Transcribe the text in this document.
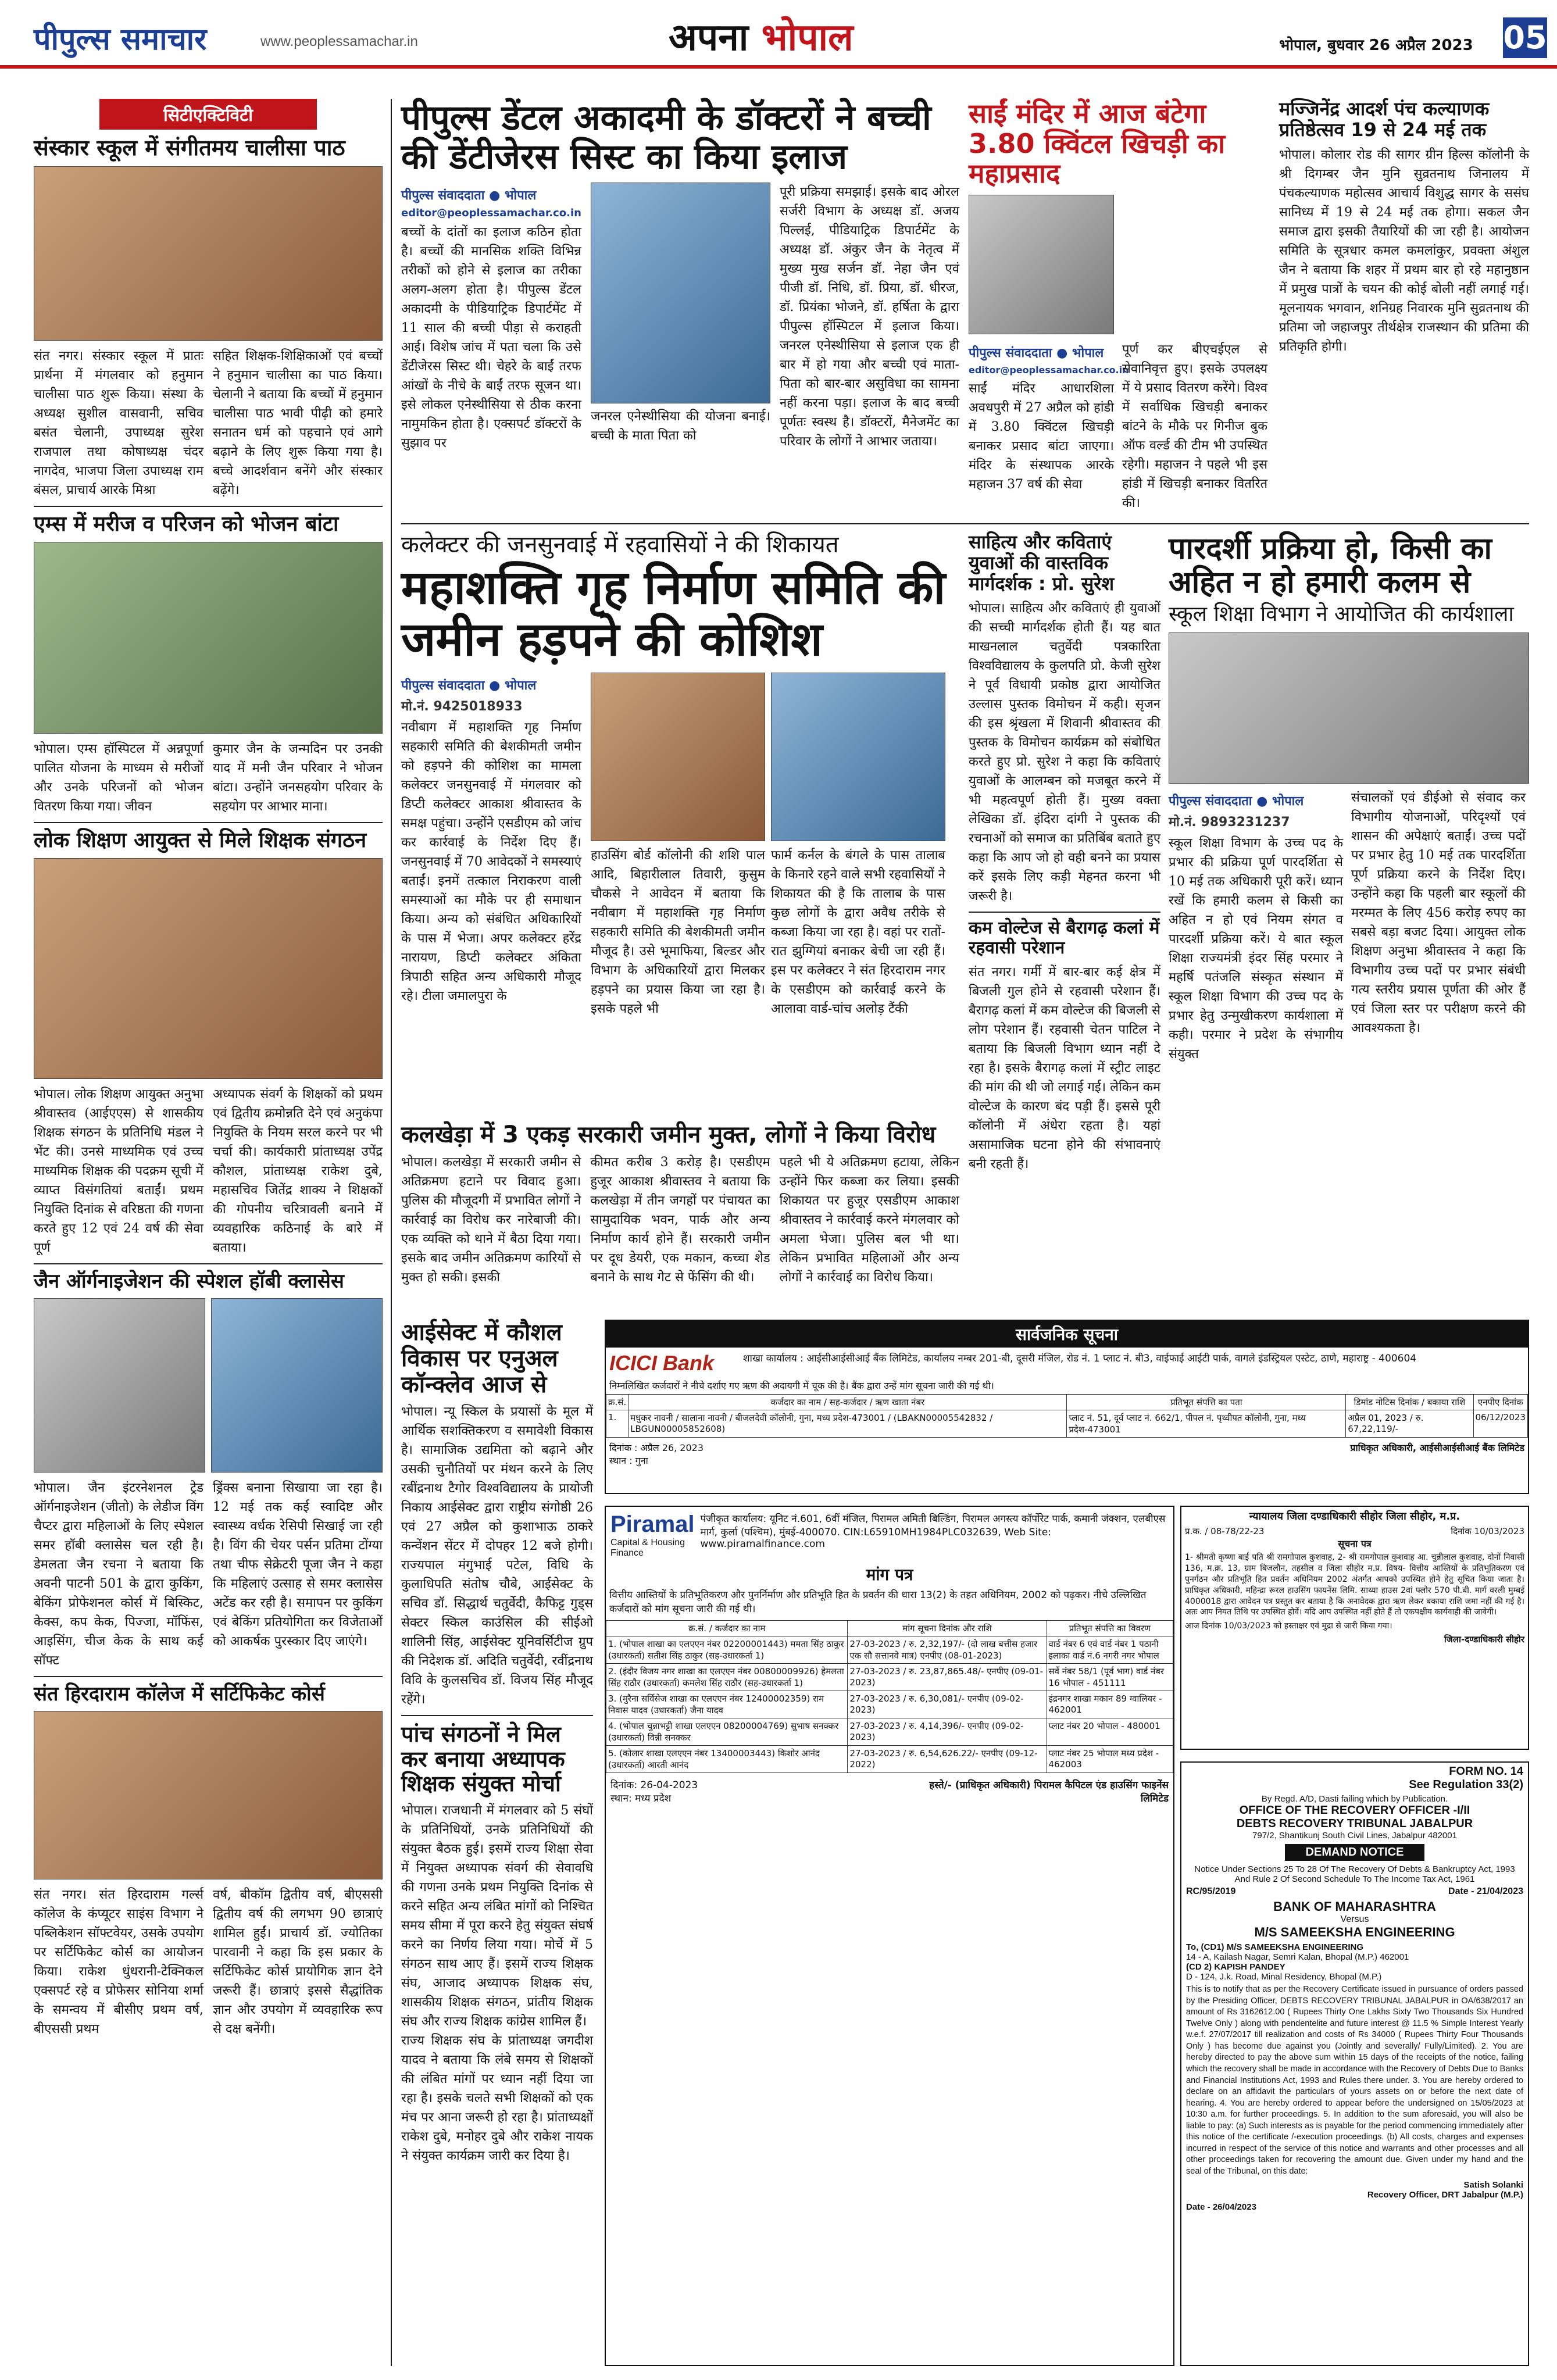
पीपुल्स समाचार	www.peoplessamachar.in	अपना भोपाल	भोपाल, बुधवार 26 अप्रैल 2023 05
सिटीएक्टिविटी
संस्कार स्कूल में संगीतमय चालीसा पाठ

संत नगर। संस्कार स्कूल में प्रातः प्रार्थना में मंगलवार को हनुमान चालीसा पाठ शुरू किया। संस्था के अध्यक्ष सुशील वासवानी, सचिव बसंत चेलानी, उपाध्यक्ष सुरेश राजपाल तथा कोषाध्यक्ष चंदर नागदेव, भाजपा जिला उपाध्यक्ष राम बंसल, प्राचार्य आरके मिश्रा

सहित शिक्षक-शिक्षिकाओं एवं बच्चों ने हनुमान चालीसा का पाठ किया। चेलानी ने बताया कि बच्चों में हनुमान चालीसा पाठ भावी पीढ़ी को हमारे सनातन धर्म को पहचाने एवं आगे बढ़ाने के लिए शुरू किया गया है। बच्चे आदर्शवान बनेंगे और संस्कार बढ़ेंगे।

एम्स में मरीज व परिजन को भोजन बांटा

भोपाल। एम्स हॉस्पिटल में अन्नपूर्णा पालित योजना के माध्यम से मरीजों और उनके परिजनों को भोजन वितरण किया गया। जीवन

कुमार जैन के जन्मदिन पर उनकी याद में मनी जैन परिवार ने भोजन बांटा। उन्होंने जनसहयोग परिवार के सहयोग पर आभार माना।

लोक शिक्षण आयुक्त से मिले शिक्षक संगठन

भोपाल। लोक शिक्षण आयुक्त अनुभा श्रीवास्तव (आईएएस) से शासकीय शिक्षक संगठन के प्रतिनिधि मंडल ने भेंट की। उनसे माध्यमिक एवं उच्च माध्यमिक शिक्षक की पदक्रम सूची में व्याप्त विसंगतियां बताईं। प्रथम नियुक्ति दिनांक से वरिष्ठता की गणना करते हुए 12 एवं 24 वर्ष की सेवा पूर्ण

अध्यापक संवर्ग के शिक्षकों को प्रथम एवं द्वितीय क्रमोन्नति देने एवं अनुकंपा नियुक्ति के नियम सरल करने पर भी चर्चा की। कार्यकारी प्रांताध्यक्ष उपेंद्र कौशल, प्रांताध्यक्ष राकेश दुबे, महासचिव जितेंद्र शाक्य ने शिक्षकों की गोपनीय चरित्रावली बनाने में व्यवहारिक कठिनाई के बारे में बताया।

जैन ऑर्गनाइजेशन की स्पेशल हॉबी क्लासेस

भोपाल। जैन इंटरनेशनल ट्रेड ऑर्गनाइजेशन (जीतो) के लेडीज विंग चैप्टर द्वारा महिलाओं के लिए स्पेशल समर हॉबी क्लासेस चल रही है। डेमलता जैन रचना ने बताया कि अवनी पाटनी 501 के द्वारा कुकिंग, बेकिंग प्रोफेशनल कोर्स में बिस्किट, केक्स, कप केक, पिज्जा, मॉफिंस, आइसिंग, चीज केक के साथ कई सॉफ्ट

ड्रिंक्स बनाना सिखाया जा रहा है। 12 मई तक कई स्वादिष्ट और स्वास्थ्य वर्धक रेसिपी सिखाई जा रही है। विंग की चेयर पर्सन प्रतिमा टोंग्या तथा चीफ सेक्रेटरी पूजा जैन ने कहा कि महिलाएं उत्साह से समर क्लासेस अटेंड कर रही है। समापन पर कुकिंग एवं बेकिंग प्रतियोगिता कर विजेताओं को आकर्षक पुरस्कार दिए जाएंगे।

संत हिरदाराम कॉलेज में सर्टिफिकेट कोर्स

संत नगर। संत हिरदाराम गर्ल्स कॉलेज के कंप्यूटर साइंस विभाग ने पब्लिकेशन सॉफ्टवेयर, उसके उपयोग पर सर्टिफिकेट कोर्स का आयोजन किया। राकेश धुंधरानी-टेक्निकल एक्सपर्ट रहे व प्रोफेसर सोनिया शर्मा के समन्वय में बीसीए प्रथम वर्ष, बीएससी प्रथम

वर्ष, बीकॉम द्वितीय वर्ष, बीएससी द्वितीय वर्ष की लगभग 90 छात्राएं शामिल हुईं। प्राचार्य डॉ. ज्योतिका पारवानी ने कहा कि इस प्रकार के सर्टिफिकेट कोर्स प्रायोगिक ज्ञान देने जरूरी हैं। छात्राएं इससे सैद्धांतिक ज्ञान और उपयोग में व्यवहारिक रूप से दक्ष बनेंगी।

पीपुल्स डेंटल अकादमी के डॉक्टरों ने बच्ची की डेंटीजेरस सिस्ट का किया इलाज
पीपुल्स संवाददाता ● भोपाल
editor@peoplessamachar.co.in

बच्चों के दांतों का इलाज कठिन होता है। बच्चों की मानसिक शक्ति विभिन्न तरीकों को होने से इलाज का तरीका अलग-अलग होता है। पीपुल्स डेंटल अकादमी के पीडियाट्रिक डिपार्टमेंट में 11 साल की बच्ची पीड़ा से कराहती आई। विशेष जांच में पता चला कि उसे डेंटीजेरस सिस्ट थी। चेहरे के बाईं तरफ आंखों के नीचे के बाईं तरफ सूजन था। इसे लोकल एनेस्थीसिया से ठीक करना नामुमकिन होता है। एक्सपर्ट डॉक्टरों के सुझाव पर

जनरल एनेस्थीसिया की योजना बनाई। बच्ची के माता पिता को

पूरी प्रक्रिया समझाई। इसके बाद ओरल सर्जरी विभाग के अध्यक्ष डॉ. अजय पिल्लई, पीडियाट्रिक डिपार्टमेंट के अध्यक्ष डॉ. अंकुर जैन के नेतृत्व में मुख्य मुख सर्जन डॉ. नेहा जैन एवं पीजी डॉ. निधि, डॉ. प्रिया, डॉ. धीरज, डॉ. प्रियंका भोजने, डॉ. हर्षिता के द्वारा पीपुल्स हॉस्पिटल में इलाज किया। जनरल एनेस्थीसिया से इलाज एक ही बार में हो गया और बच्ची एवं माता-पिता को बार-बार असुविधा का सामना नहीं करना पड़ा। इलाज के बाद बच्ची पूर्णतः स्वस्थ है। डॉक्टरों, मैनेजमेंट का परिवार के लोगों ने आभार जताया।

साईं मंदिर में आज बंटेगा 3.80 क्विंटल खिचड़ी का महाप्रसाद
पीपुल्स संवाददाता ● भोपाल
editor@peoplessamachar.co.in

साईं मंदिर आधारशिला अवधपुरी में 27 अप्रैल को हांडी में 3.80 क्विंटल खिचड़ी बनाकर प्रसाद बांटा जाएगा। मंदिर के संस्थापक आरके महाजन 37 वर्ष की सेवा

पूर्ण कर बीएचईएल से सेवानिवृत्त हुए। इसके उपलक्ष्य में ये प्रसाद वितरण करेंगे। विश्व में सर्वाधिक खिचड़ी बनाकर बांटने के मौके पर गिनीज बुक ऑफ वर्ल्ड की टीम भी उपस्थित रहेगी। महाजन ने पहले भी इस हांडी में खिचड़ी बनाकर वितरित की।

मज्जिनेंद्र आदर्श पंच कल्याणक प्रतिष्ठेत्सव 19 से 24 मई तक

भोपाल। कोलार रोड की सागर ग्रीन हिल्स कॉलोनी के श्री दिगम्बर जैन मुनि सुव्रतनाथ जिनालय में पंचकल्याणक महोत्सव आचार्य विशुद्ध सागर के ससंघ सानिध्य में 19 से 24 मई तक होगा। सकल जैन समाज द्वारा इसकी तैयारियों की जा रही है। आयोजन समिति के सूत्रधार कमल कमलांकुर, प्रवक्ता अंशुल जैन ने बताया कि शहर में प्रथम बार हो रहे महानुष्ठान में प्रमुख पात्रों के चयन की कोई बोली नहीं लगाई गई। मूलनायक भगवान, शनिग्रह निवारक मुनि सुव्रतनाथ की प्रतिमा जो जहाजपुर तीर्थक्षेत्र राजस्थान की प्रतिमा की प्रतिकृति होगी।

कलेक्टर की जनसुनवाई में रहवासियों ने की शिकायत
महाशक्ति गृह निर्माण समिति की जमीन हड़पने की कोशिश
पीपुल्स संवाददाता ● भोपाल
मो.नं. 9425018933

नवीबाग में महाशक्ति गृह निर्माण सहकारी समिति की बेशकीमती जमीन को हड़पने की कोशिश का मामला कलेक्टर जनसुनवाई में मंगलवार को डिप्टी कलेक्टर आकाश श्रीवास्तव के समक्ष पहुंचा। उन्होंने एसडीएम को जांच कर कार्रवाई के निर्देश दिए हैं। जनसुनवाई में 70 आवेदकों ने समस्याएं बताईं। इनमें तत्काल निराकरण वाली समस्याओं का मौके पर ही समाधान किया। अन्य को संबंधित अधिकारियों के पास में भेजा। अपर कलेक्टर हरेंद्र नारायण, डिप्टी कलेक्टर अंकिता त्रिपाठी सहित अन्य अधिकारी मौजूद रहे। टीला जमालपुरा के

हाउसिंग बोर्ड कॉलोनी की शशि पाल आदि, बिहारीलाल तिवारी, कुसुम चौकसे ने आवेदन में बताया कि नवीबाग में महाशक्ति गृह निर्माण सहकारी समिति की बेशकीमती जमीन मौजूद है। उसे भूमाफिया, बिल्डर और विभाग के अधिकारियों द्वारा मिलकर हड़पने का प्रयास किया जा रहा है। इसके पहले भी

फार्म कर्नल के बंगले के पास तालाब के किनारे रहने वाले सभी रहवासियों ने शिकायत की है कि तालाब के पास कुछ लोगों के द्वारा अवैध तरीके से कब्जा किया जा रहा है। वहां पर रातों-रात झुग्गियां बनाकर बेची जा रही हैं। इस पर कलेक्टर ने संत हिरदाराम नगर के एसडीएम को कार्रवाई करने के आलावा वार्ड-चांच अलोड़ टैंकी

साहित्य और कविताएं युवाओं की वास्तविक मार्गदर्शक : प्रो. सुरेश

भोपाल। साहित्य और कविताएं ही युवाओं की सच्ची मार्गदर्शक होती हैं। यह बात माखनलाल चतुर्वेदी पत्रकारिता विश्वविद्यालय के कुलपति प्रो. केजी सुरेश ने पूर्व विधायी प्रकोष्ठ द्वारा आयोजित उल्लास पुस्तक विमोचन में कही। सृजन की इस श्रृंखला में शिवानी श्रीवास्तव की पुस्तक के विमोचन कार्यक्रम को संबोधित करते हुए प्रो. सुरेश ने कहा कि कविताएं युवाओं के आलम्बन को मजबूत करने में भी महत्वपूर्ण होती हैं। मुख्य वक्ता लेखिका डॉ. इंदिरा दांगी ने पुस्तक की रचनाओं को समाज का प्रतिबिंब बताते हुए कहा कि आप जो हो वही बनने का प्रयास करें इसके लिए कड़ी मेहनत करना भी जरूरी है।

कम वोल्टेज से बैरागढ़ कलां में रहवासी परेशान

संत नगर। गर्मी में बार-बार कई क्षेत्र में बिजली गुल होने से रहवासी परेशान हैं। बैरागढ़ कलां में कम वोल्टेज की बिजली से लोग परेशान हैं। रहवासी चेतन पाटिल ने बताया कि बिजली विभाग ध्यान नहीं दे रहा है। इसके बैरागढ़ कलां में स्ट्रीट लाइट की मांग की थी जो लगाई गई। लेकिन कम वोल्टेज के कारण बंद पड़ी हैं। इससे पूरी कॉलोनी में अंधेरा रहता है। यहां असामाजिक घटना होने की संभावनाएं बनी रहती हैं।

पारदर्शी प्रक्रिया हो, किसी का अहित न हो हमारी कलम से
स्कूल शिक्षा विभाग ने आयोजित की कार्यशाला
पीपुल्स संवाददाता ● भोपाल
मो.नं. 9893231237

स्कूल शिक्षा विभाग के उच्च पद के प्रभार की प्रक्रिया पूर्ण पारदर्शिता से 10 मई तक अधिकारी पूरी करें। ध्यान रखें कि हमारी कलम से किसी का अहित न हो एवं नियम संगत व पारदर्शी प्रक्रिया करें। ये बात स्कूल शिक्षा राज्यमंत्री इंदर सिंह परमार ने महर्षि पतंजलि संस्कृत संस्थान में स्कूल शिक्षा विभाग की उच्च पद के प्रभार हेतु उन्मुखीकरण कार्यशाला में कही। परमार ने प्रदेश के संभागीय संयुक्त

संचालकों एवं डीईओ से संवाद कर विभागीय योजनाओं, परिदृश्यों एवं शासन की अपेक्षाएं बताईं। उच्च पदों पर प्रभार हेतु 10 मई तक पारदर्शिता पूर्ण प्रक्रिया करने के निर्देश दिए। उन्होंने कहा कि पहली बार स्कूलों की मरम्मत के लिए 456 करोड़ रुपए का सबसे बड़ा बजट दिया। आयुक्त लोक शिक्षण अनुभा श्रीवास्तव ने कहा कि विभागीय उच्च पदों पर प्रभार संबंधी गत्य स्तरीय प्रयास पूर्णता की ओर हैं एवं जिला स्तर पर परीक्षण करने की आवश्यकता है।

कलखेड़ा में 3 एकड़ सरकारी जमीन मुक्त, लोगों ने किया विरोध

भोपाल। कलखेड़ा में सरकारी जमीन से अतिक्रमण हटाने पर विवाद हुआ। पुलिस की मौजूदगी में प्रभावित लोगों ने कार्रवाई का विरोध कर नारेबाजी की। एक व्यक्ति को थाने में बैठा दिया गया। इसके बाद जमीन अतिक्रमण कारियों से मुक्त हो सकी। इसकी

कीमत करीब 3 करोड़ है। एसडीएम हुजूर आकाश श्रीवास्तव ने बताया कि कलखेड़ा में तीन जगहों पर पंचायत का सामुदायिक भवन, पार्क और अन्य निर्माण कार्य होने हैं। सरकारी जमीन पर दूध डेयरी, एक मकान, कच्चा शेड बनाने के साथ गेट से फेंसिंग की थी।

पहले भी ये अतिक्रमण हटाया, लेकिन उन्होंने फिर कब्जा कर लिया। इसकी शिकायत पर हुजूर एसडीएम आकाश श्रीवास्तव ने कार्रवाई करने मंगलवार को अमला भेजा। पुलिस बल भी था। लेकिन प्रभावित महिलाओं और अन्य लोगों ने कार्रवाई का विरोध किया।

सार्वजनिक सूचना
ICICI Bank	शाखा कार्यालय : आईसीआईसीआई बैंक लिमिटेड, कार्यालय नम्बर 201-बी, दूसरी मंजिल, रोड नं. 1 प्लाट नं. बी3, वाईफाई आईटी पार्क, वागले इंडस्ट्रियल एस्टेट, ठाणे, महाराष्ट्र - 400604

निम्नलिखित कर्जदारों ने नीचे दर्शाए गए ऋण की अदायगी में चूक की है। बैंक द्वारा उन्हें मांग सूचना जारी की गई थी।

क्र.सं.	कर्जदार का नाम / सह-कर्जदार / ऋण खाता नंबर	प्रतिभूत संपत्ति का पता	डिमांड नोटिस दिनांक / बकाया राशि	एनपीए दिनांक
1.	मधुकर नावनी / सालाना नावनी / बीजलदेवी कॉलोनी, गुना, मध्य प्रदेश-473001 / (LBAKN00005542832 / LBGUN00005852608)	प्लाट नं. 51, दूर्व प्लाट नं. 662/1, पीपल नं. पृथ्वीपत कॉलोनी, गुना, मध्य प्रदेश-473001	अप्रैल 01, 2023 / रु. 67,22,119/-	06/12/2023
दिनांक : अप्रैल 26, 2023
स्थान : गुना
प्राधिकृत अधिकारी, आईसीआईसीआई बैंक लिमिटेड
आईसेक्ट में कौशल विकास पर एनुअल कॉन्क्लेव आज से

भोपाल। न्यू स्किल के प्रयासों के मूल में आर्थिक सशक्तिकरण व समावेशी विकास है। सामाजिक उद्यमिता को बढ़ाने और उसकी चुनौतियों पर मंथन करने के लिए रबींद्रनाथ टैगोर विश्वविद्यालय के प्रायोजी निकाय आईसेक्ट द्वारा राष्ट्रीय संगोष्ठी 26 एवं 27 अप्रैल को कुशाभाऊ ठाकरे कन्वेंशन सेंटर में दोपहर 12 बजे होगी। राज्यपाल मंगुभाई पटेल, विधि के कुलाधिपति संतोष चौबे, आईसेक्ट के सचिव डॉ. सिद्धार्थ चतुर्वेदी, कैफिट्ट गुड्स सेक्टर स्किल काउंसिल की सीईओ शालिनी सिंह, आईसेक्ट यूनिवर्सिटीज ग्रुप की निदेशक डॉ. अदिति चतुर्वेदी, रवींद्रनाथ विवि के कुलसचिव डॉ. विजय सिंह मौजूद रहेंगे।

पांच संगठनों ने मिल कर बनाया अध्यापक शिक्षक संयुक्त मोर्चा

भोपाल। राजधानी में मंगलवार को 5 संघों के प्रतिनिधियों, उनके प्रतिनिधियों की संयुक्त बैठक हुई। इसमें राज्य शिक्षा सेवा में नियुक्त अध्यापक संवर्ग की सेवावधि की गणना उनके प्रथम नियुक्ति दिनांक से करने सहित अन्य लंबित मांगों को निश्चित समय सीमा में पूरा करने हेतु संयुक्त संघर्ष करने का निर्णय लिया गया। मोर्चे में 5 संगठन साथ आए हैं। इसमें राज्य शिक्षक संघ, आजाद अध्यापक शिक्षक संघ, शासकीय शिक्षक संगठन, प्रांतीय शिक्षक संघ और राज्य शिक्षक कांग्रेस शामिल हैं।

राज्य शिक्षक संघ के प्रांताध्यक्ष जगदीश यादव ने बताया कि लंबे समय से शिक्षकों की लंबित मांगों पर ध्यान नहीं दिया जा रहा है। इसके चलते सभी शिक्षकों को एक मंच पर आना जरूरी हो रहा है। प्रांताध्यक्षों राकेश दुबे, मनोहर दुबे और राकेश नायक ने संयुक्त कार्यक्रम जारी कर दिया है।

Piramal
Capital & Housing Finance
पंजीकृत कार्यालय: यूनिट नं.601, 6वीं मंजिल, पिरामल अमिती बिल्डिंग, पिरामल अगस्त्य कॉर्पोरेट पार्क, कमानी जंक्शन, एलबीएस मार्ग, कुर्ला (पश्चिम), मुंबई-400070. CIN:L65910MH1984PLC032639, Web Site: www.piramalfinance.com
मांग पत्र

वित्तीय आस्तियों के प्रतिभूतिकरण और पुनर्निर्माण और प्रतिभूति हित के प्रवर्तन की धारा 13(2) के तहत अधिनियम, 2002 को पढ़कर। नीचे उल्लिखित कर्जदारों को मांग सूचना जारी की गई थी।

क्र.सं. / कर्जदार का नाम	मांग सूचना दिनांक और राशि	प्रतिभूत संपत्ति का विवरण
1. (भोपाल शाखा का एलएएन नंबर 02200001443) ममता सिंह ठाकुर (उधारकर्ता) सतीश सिंह ठाकुर (सह-उधारकर्ता 1)	27-03-2023 / रु. 2,32,197/- (दो लाख बत्तीस हजार एक सौ सत्तानवे मात्र) एनपीए (08-01-2023)	वार्ड नंबर 6 एवं वार्ड नंबर 1 पठानी इलाका वार्ड नं.6 नगरी नगर भोपाल
2. (इंदौर विजय नगर शाखा का एलएएन नंबर 00800009926) हेमलता सिंह राठौर (उधारकर्ता) कमलेश सिंह राठौर (सह-उधारकर्ता 1)	27-03-2023 / रु. 23,87,865.48/- एनपीए (09-01-2023)	सर्वे नंबर 58/1 (पूर्व भाग) वार्ड नंबर 16 भोपाल - 451111
3. (मुरैना सर्विसेज शाखा का एलएएन नंबर 12400002359) राम निवास यादव (उधारकर्ता) जैना यादव	27-03-2023 / रु. 6,30,081/- एनपीए (09-02-2023)	इंद्रनगर शाखा मकान 89 ग्वालियर - 462001
4. (भोपाल चुन्नाभट्टी शाखा एलएएन 08200004769) सुभाष सनक्कर (उधारकर्ता) विन्नी सनक्कर	27-03-2023 / रु. 4,14,396/- एनपीए (09-02-2023)	प्लाट नंबर 20 भोपाल - 480001
5. (कोलार शाखा एलएएन नंबर 13400003443) किशोर आनंद (उधारकर्ता) आरती आनंद	27-03-2023 / रु. 6,54,626.22/- एनपीए (09-12-2022)	प्लाट नंबर 25 भोपाल मध्य प्रदेश - 462003
दिनांक: 26-04-2023
स्थान: मध्य प्रदेश
हस्ते/- (प्राधिकृत अधिकारी) पिरामल कैपिटल एंड हाउसिंग फाइनेंस लिमिटेड
न्यायालय जिला दण्डाधिकारी सीहोर जिला सीहोर, म.प्र.
प्र.क. / 08-78/22-23	दिनांक 10/03/2023
सूचना पत्र

1- श्रीमती कृष्णा बाई पति श्री रामगोपाल कुशवाह, 2- श्री रामगोपाल कुशवाह आ. चुन्नीलाल कुशवाह, दोनों निवासी 136, म.क्र. 13, ग्राम बिजलौन, तहसील व जिला सीहोर म.प्र. विषय- वित्तीय आस्तियों के प्रतिभूतिकरण एवं पुनर्गठन और प्रतिभूति हित प्रवर्तन अधिनियम 2002 अंतर्गत आपको उपस्थित होने हेतु सूचित किया जाता है। प्राधिकृत अधिकारी, महिन्द्रा रूरल हाउसिंग फायनेंस लिमि. साथ्या हाउस 2वां फ्लोर 570 पी.बी. मार्ग वरली मुम्बई 4000018 द्वारा आवेदन पत्र प्रस्तुत कर बताया है कि अनावेदक द्वारा ऋण लेकर बकाया राशि जमा नहीं की गई है। अतः आप नियत तिथि पर उपस्थित होवें। यदि आप उपस्थित नहीं होते हैं तो एकपक्षीय कार्यवाही की जावेगी।

आज दिनांक 10/03/2023 को हस्ताक्षर एवं मुद्रा से जारी किया गया।

जिला-दण्डाधिकारी सीहोर
FORM NO. 14
See Regulation 33(2)
By Regd. A/D, Dasti failing which by Publication.
OFFICE OF THE RECOVERY OFFICER -I/II
DEBTS RECOVERY TRIBUNAL JABALPUR
797/2, Shantikunj South Civil Lines, Jabalpur 482001
DEMAND NOTICE
Notice Under Sections 25 To 28 Of The Recovery Of Debts & Bankruptcy Act, 1993 And Rule 2 Of Second Schedule To The Income Tax Act, 1961
RC/95/2019	Date - 21/04/2023
BANK OF MAHARASHTRA
Versus
M/S SAMEEKSHA ENGINEERING
To, (CD1) M/S SAMEEKSHA ENGINEERING
14 - A, Kailash Nagar, Semri Kalan, Bhopal (M.P.) 462001
(CD 2) KAPISH PANDEY
D - 124, J.k. Road, Minal Residency, Bhopal (M.P.)

This is to notify that as per the Recovery Certificate issued in pursuance of orders passed by the Presiding Officer, DEBTS RECOVERY TRIBUNAL JABALPUR in OA/638/2017 an amount of Rs 3162612.00 ( Rupees Thirty One Lakhs Sixty Two Thousands Six Hundred Twelve Only ) along with pendentelite and future interest @ 11.5 % Simple Interest Yearly w.e.f. 27/07/2017 till realization and costs of Rs 34000 ( Rupees Thirty Four Thousands Only ) has become due against you (Jointly and severally/ Fully/Limited). 2. You are hereby directed to pay the above sum within 15 days of the receipts of the notice, failing which the recovery shall be made in accordance with the Recovery of Debts Due to Banks and Financial Institutions Act, 1993 and Rules there under. 3. You are hereby ordered to declare on an affidavit the particulars of yours assets on or before the next date of hearing. 4. You are hereby ordered to appear before the undersigned on 15/05/2023 at 10:30 a.m. for further proceedings. 5. In addition to the sum aforesaid, you will also be liable to pay: (a) Such interests as is payable for the period commencing immediately after this notice of the certificate /-execution proceedings. (b) All costs, charges and expenses incurred in respect of the service of this notice and warrants and other processes and all other proceedings taken for recovering the amount due. Given under my hand and the seal of the Tribunal, on this date:

Satish Solanki
Recovery Officer, DRT Jabalpur (M.P.)
Date - 26/04/2023
